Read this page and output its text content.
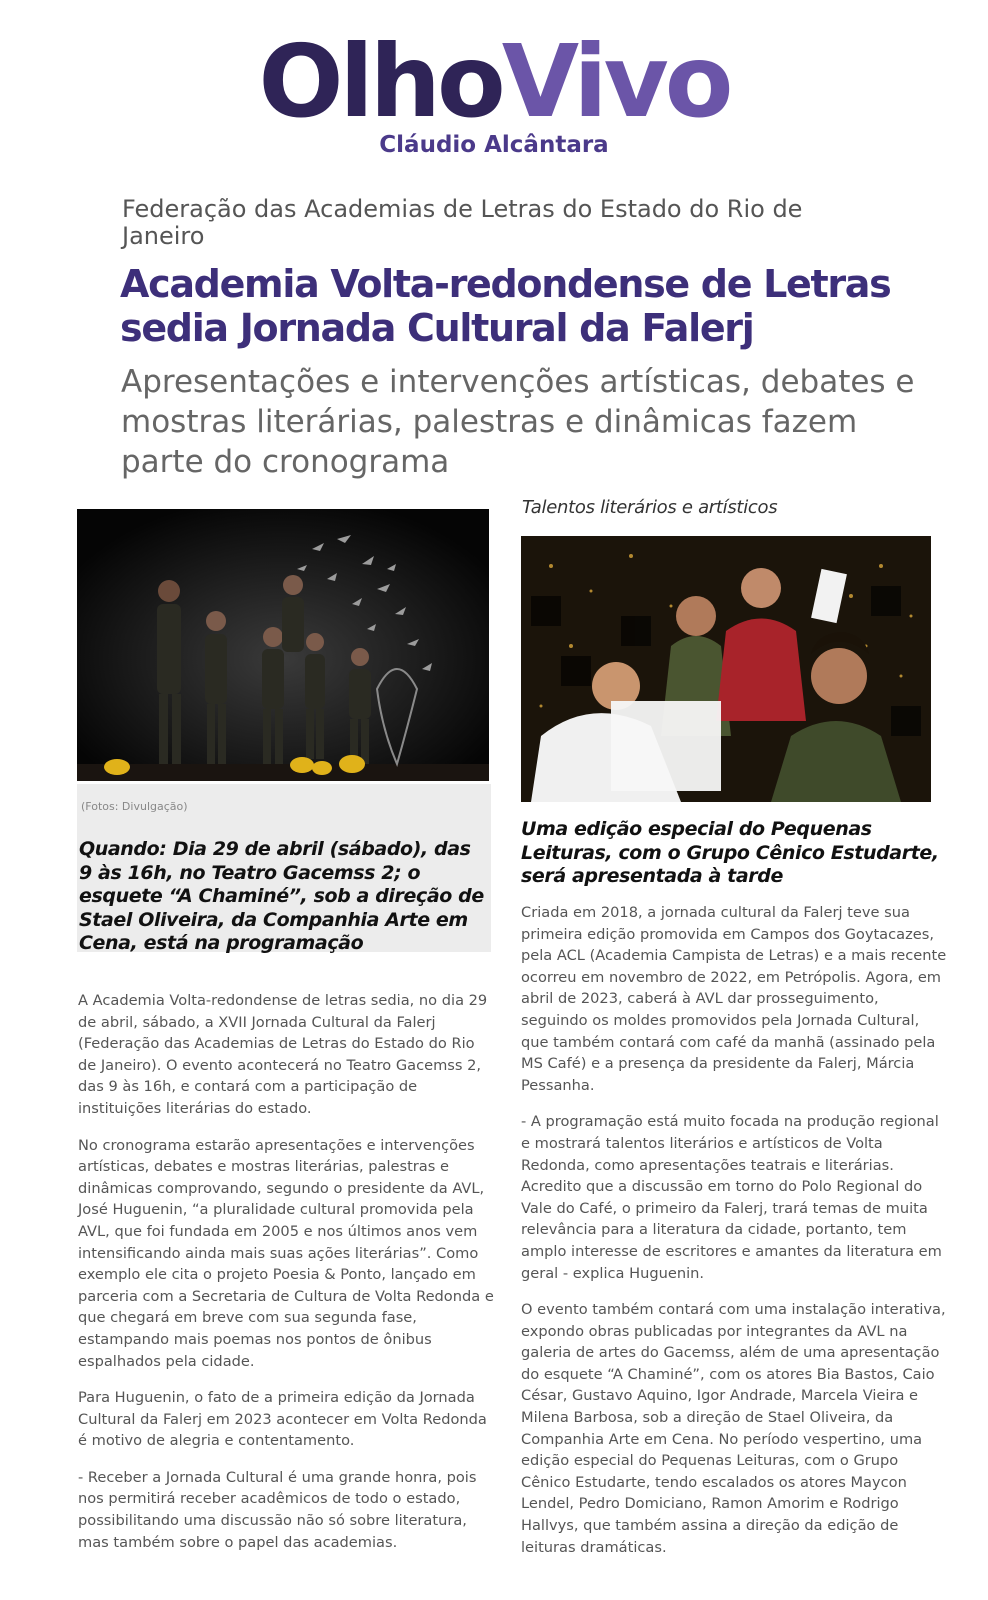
OlhoVivo
Cláudio Alcântara
Federação das Academias de Letras do Estado do Rio de Janeiro
Academia Volta-redondense de Letras sedia Jornada Cultural da Falerj
Apresentações e intervenções artísticas, debates e mostras literárias, palestras e dinâmicas fazem parte do cronograma
(Fotos: Divulgação)
Quando: Dia 29 de abril (sábado), das 9 às 16h, no Teatro Gacemss 2; o esquete “A Chaminé”, sob a direção de Stael Oliveira, da Companhia Arte em Cena, está na programação
Talentos literários e artísticos
Uma edição especial do Pequenas Leituras, com o Grupo Cênico Estudarte, será apresentada à tarde

A Academia Volta-redondense de letras sedia, no dia 29 de abril, sábado, a XVII Jornada Cultural da Falerj (Federação das Academias de Letras do Estado do Rio de Janeiro). O evento acontecerá no Teatro Gacemss 2, das 9 às 16h, e contará com a participação de instituições literárias do estado.

No cronograma estarão apresentações e intervenções artísticas, debates e mostras literárias, palestras e dinâmicas comprovando, segundo o presidente da AVL, José Huguenin, “a pluralidade cultural promovida pela AVL, que foi fundada em 2005 e nos últimos anos vem intensificando ainda mais suas ações literárias”. Como exemplo ele cita o projeto Poesia & Ponto, lançado em parceria com a Secretaria de Cultura de Volta Redonda e que chegará em breve com sua segunda fase, estampando mais poemas nos pontos de ônibus espalhados pela cidade.

Para Huguenin, o fato de a primeira edição da Jornada Cultural da Falerj em 2023 acontecer em Volta Redonda é motivo de alegria e contentamento.

- Receber a Jornada Cultural é uma grande honra, pois nos permitirá receber acadêmicos de todo o estado, possibilitando uma discussão não só sobre literatura, mas também sobre o papel das academias.

Criada em 2018, a jornada cultural da Falerj teve sua primeira edição promovida em Campos dos Goytacazes, pela ACL (Academia Campista de Letras) e a mais recente ocorreu em novembro de 2022, em Petrópolis. Agora, em abril de 2023, caberá à AVL dar prosseguimento, seguindo os moldes promovidos pela Jornada Cultural, que também contará com café da manhã (assinado pela MS Café) e a presença da presidente da Falerj, Márcia Pessanha.

- A programação está muito focada na produção regional e mostrará talentos literários e artísticos de Volta Redonda, como apresentações teatrais e literárias. Acredito que a discussão em torno do Polo Regional do Vale do Café, o primeiro da Falerj, trará temas de muita relevância para a literatura da cidade, portanto, tem amplo interesse de escritores e amantes da literatura em geral - explica Huguenin.

O evento também contará com uma instalação interativa, expondo obras publicadas por integrantes da AVL na galeria de artes do Gacemss, além de uma apresentação do esquete “A Chaminé”, com os atores Bia Bastos, Caio César, Gustavo Aquino, Igor Andrade, Marcela Vieira e Milena Barbosa, sob a direção de Stael Oliveira, da Companhia Arte em Cena. No período vespertino, uma edição especial do Pequenas Leituras, com o Grupo Cênico Estudarte, tendo escalados os atores Maycon Lendel, Pedro Domiciano, Ramon Amorim e Rodrigo Hallvys, que também assina a direção da edição de leituras dramáticas.
